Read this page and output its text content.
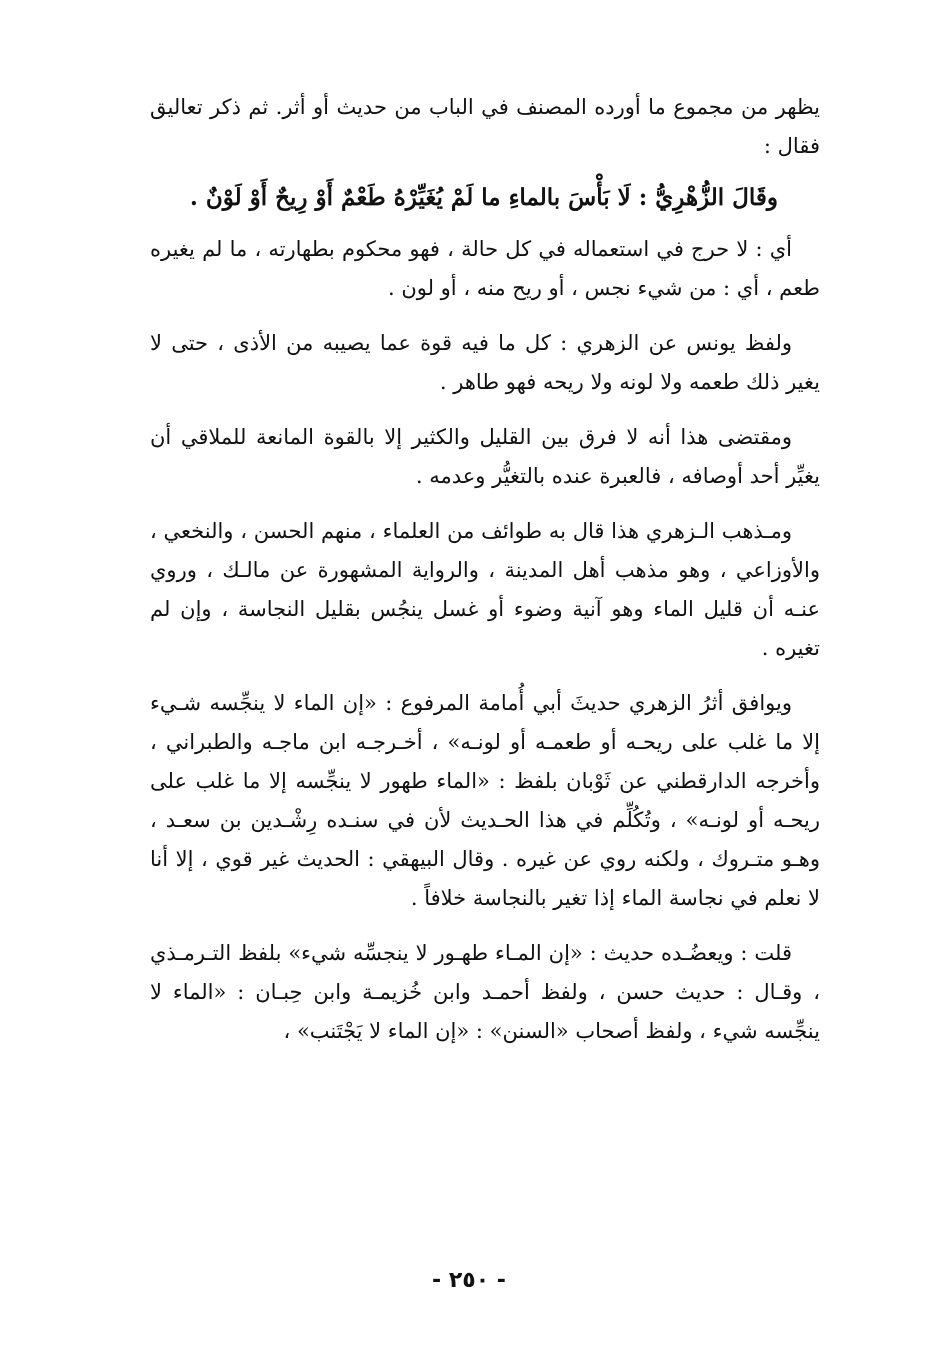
يظهر من مجموع ما أورده المصنف في الباب من حديث أو أثر. ثم ذكر تعاليق فقال :

وقَالَ الزُّهْرِيُّ : لَا بَأْسَ بالماءِ ما لَمْ يُغَيِّرْهُ طَعْمٌ أَوْ رِيحٌ أَوْ لَوْنٌ .

أي : لا حرج في استعماله في كل حالة ، فهو محكوم بطهارته ، ما لم يغيره طعم ، أي : من شيء نجس ، أو ريح منه ، أو لون .

ولفظ يونس عن الزهري : كل ما فيه قوة عما يصيبه من الأذى ، حتى لا يغير ذلك طعمه ولا لونه ولا ريحه فهو طاهر .

ومقتضى هذا أنه لا فرق بين القليل والكثير إلا بالقوة المانعة للملاقي أن يغيِّر أحد أوصافه ، فالعبرة عنده بالتغيُّر وعدمه .

ومـذهب الـزهري هذا قال به طوائف من العلماء ، منهم الحسن ، والنخعي ، والأوزاعي ، وهو مذهب أهل المدينة ، والرواية المشهورة عن مالـك ، وروي عنـه أن قليل الماء وهو آنية وضوء أو غسل ينجُس بقليل النجاسة ، وإن لم تغيره .

ويوافق أثرُ الزهري حديثَ أبي أُمامة المرفوع : «إن الماء لا ينجِّسه شـيء إلا ما غلب على ريحـه أو طعمـه أو لونـه» ، أخـرجـه ابن ماجـه والطبراني ، وأخرجه الدارقطني عن ثَوْبان بلفظ : «الماء طهور لا ينجِّسه إلا ما غلب على ريحـه أو لونـه» ، وتُكُلِّم في هذا الحـديث لأن في سنـده رِشْـدين بن سعـد ، وهـو متـروك ، ولكنه روي عن غيره . وقال البيهقي : الحديث غير قوي ، إلا أنا لا نعلم في نجاسة الماء إذا تغير بالنجاسة خلافاً .

قلت : ويعضُـده حديث : «إن المـاء طهـور لا ينجسِّه شيء» بلفظ التـرمـذي ، وقـال : حديث حسن ، ولفظ أحمـد وابن خُزيمـة وابن حِبـان : «الماء لا ينجِّسه شيء ، ولفظ أصحاب «السنن» : «إن الماء لا يَجْتَنب» ،

- ٢٥٠ -
